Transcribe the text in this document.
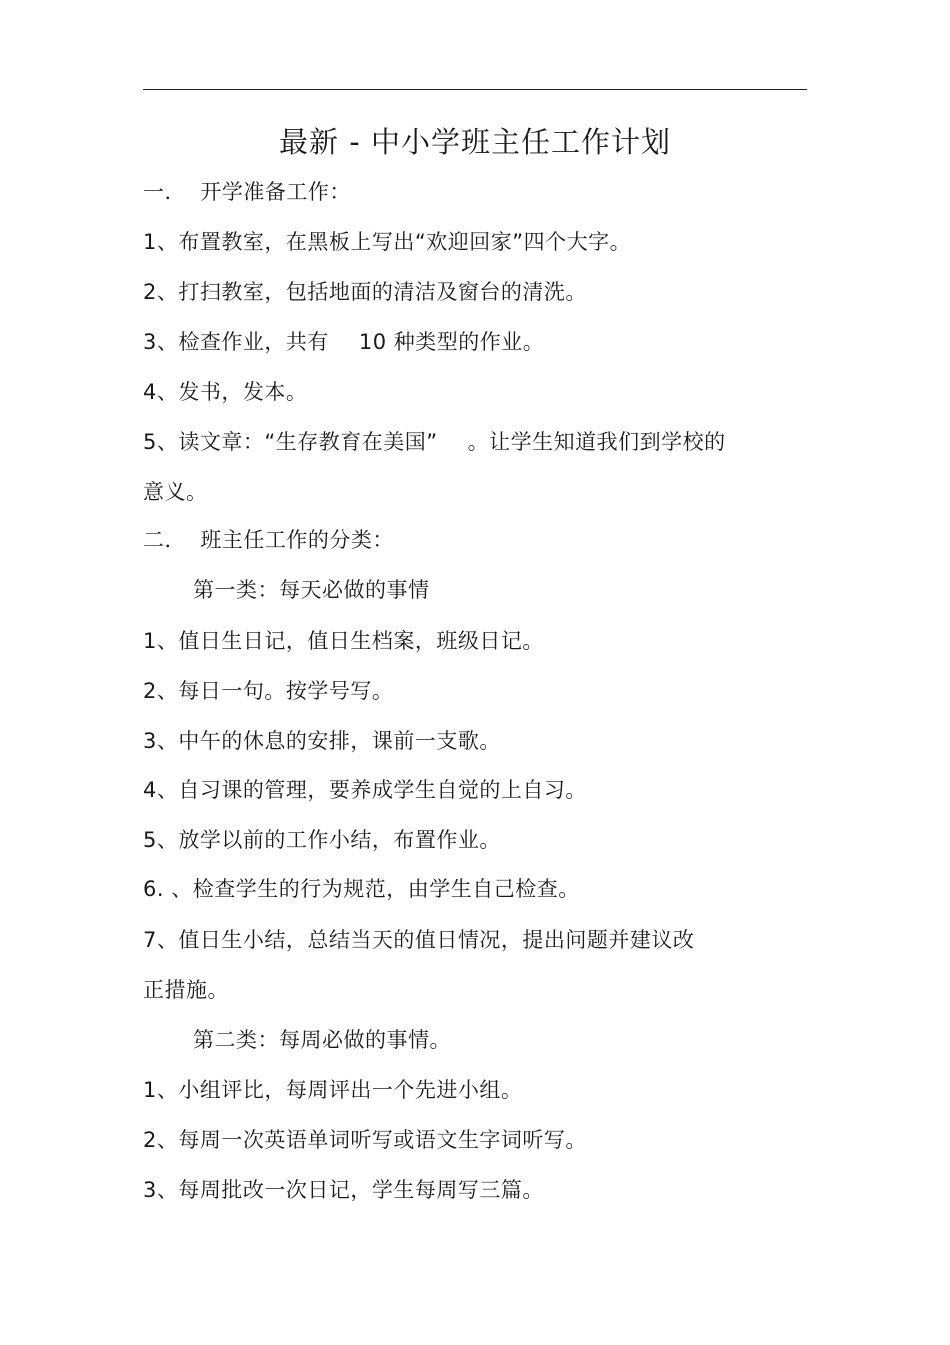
最新 - 中小学班主任工作计划
一．  开学准备工作：
1、布置教室，在黑板上写出“欢迎回家”四个大字。
2、打扫教室，包括地面的清洁及窗台的清洗。
3、检查作业，共有 10 种类型的作业。
4、发书，发本。
5、读文章：“生存教育在美国” 。让学生知道我们到学校的
意义。
二．  班主任工作的分类：
第一类：每天必做的事情
1、值日生日记，值日生档案，班级日记。
2、每日一句。按学号写。
3、中午的休息的安排，课前一支歌。
4、自习课的管理，要养成学生自觉的上自习。
5、放学以前的工作小结，布置作业。
6. 、检查学生的行为规范，由学生自己检查。
7、值日生小结，总结当天的值日情况，提出问题并建议改
正措施。
第二类：每周必做的事情。
1、小组评比，每周评出一个先进小组。
2、每周一次英语单词听写或语文生字词听写。
3、每周批改一次日记，学生每周写三篇。
